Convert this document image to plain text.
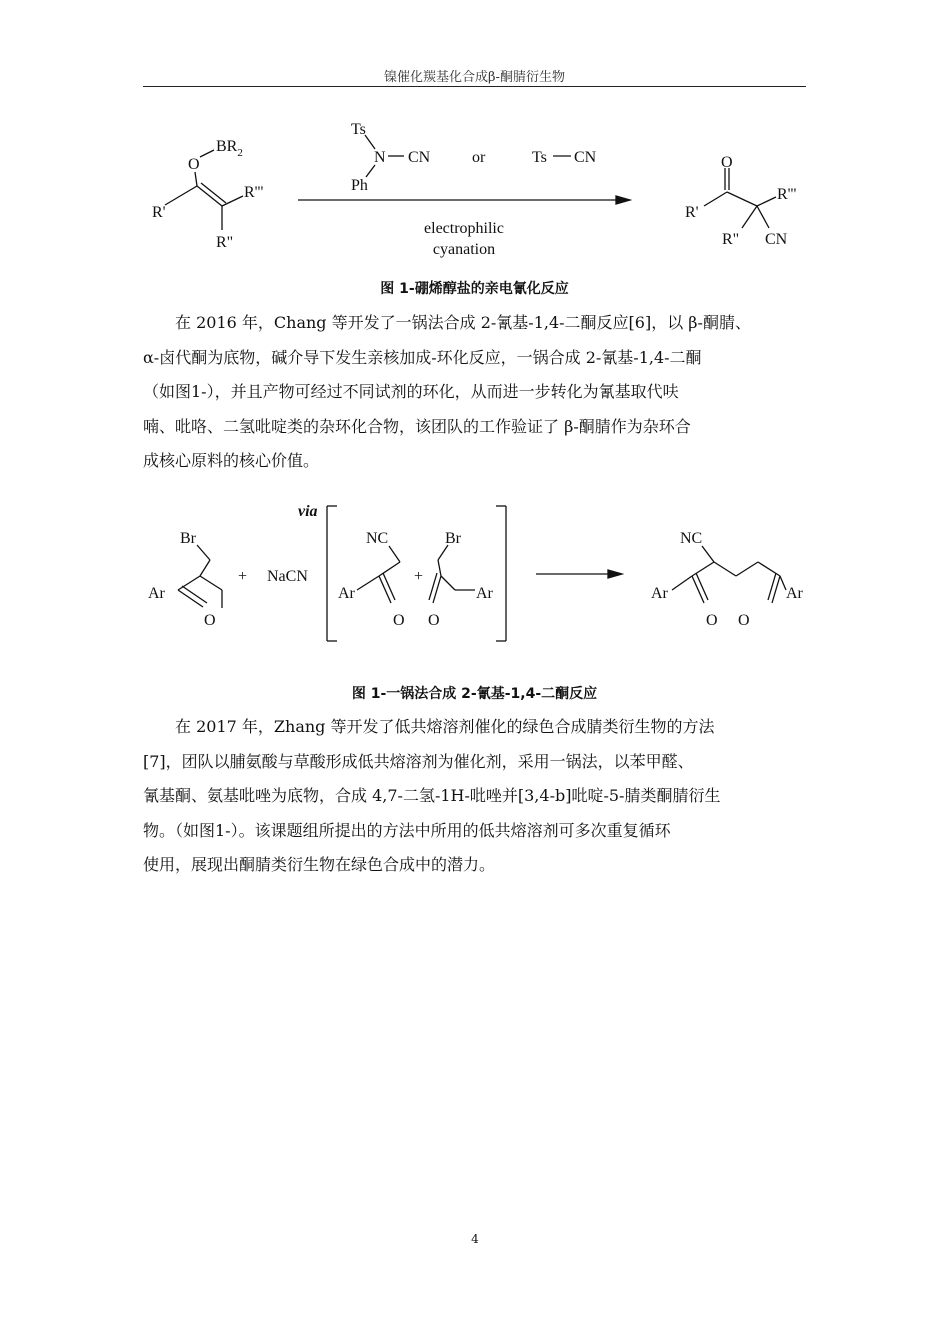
镍催化羰基化合成β-酮腈衍生物
O
$BR_2$
R'
R'''
R"
Ts
N CN
Ph
or	Ts CN
electrophilic
cyanation
O
R'
R'''
R" CN
图 1-硼烯醇盐的亲电氰化反应
在 2016 年，Chang 等开发了一锅法合成 2-氰基-1,4-二酮反应[6]，以 β-酮腈、
α-卤代酮为底物，碱介导下发生亲核加成-环化反应，一锅合成 2-氰基-1,4-二酮
（如图1-），并且产物可经过不同试剂的环化，从而进一步转化为氰基取代呋
喃、吡咯、二氢吡啶类的杂环化合物，该团队的工作验证了 β-酮腈作为杂环合
成核心原料的核心价值。
via
Br
Ar
O
+ NaCN
NC
Ar
O
+
Br
Ar
O
NC
Ar	Ar
O O
图 1-一锅法合成 2-氰基-1,4-二酮反应
在 2017 年，Zhang 等开发了低共熔溶剂催化的绿色合成腈类衍生物的方法
[7]，团队以脯氨酸与草酸形成低共熔溶剂为催化剂，采用一锅法，以苯甲醛、
氰基酮、氨基吡唑为底物，合成 4,7-二氢-1H-吡唑并[3,4-b]吡啶-5-腈类酮腈衍生
物。（如图1-）。该课题组所提出的方法中所用的低共熔溶剂可多次重复循环
使用，展现出酮腈类衍生物在绿色合成中的潜力。
4
